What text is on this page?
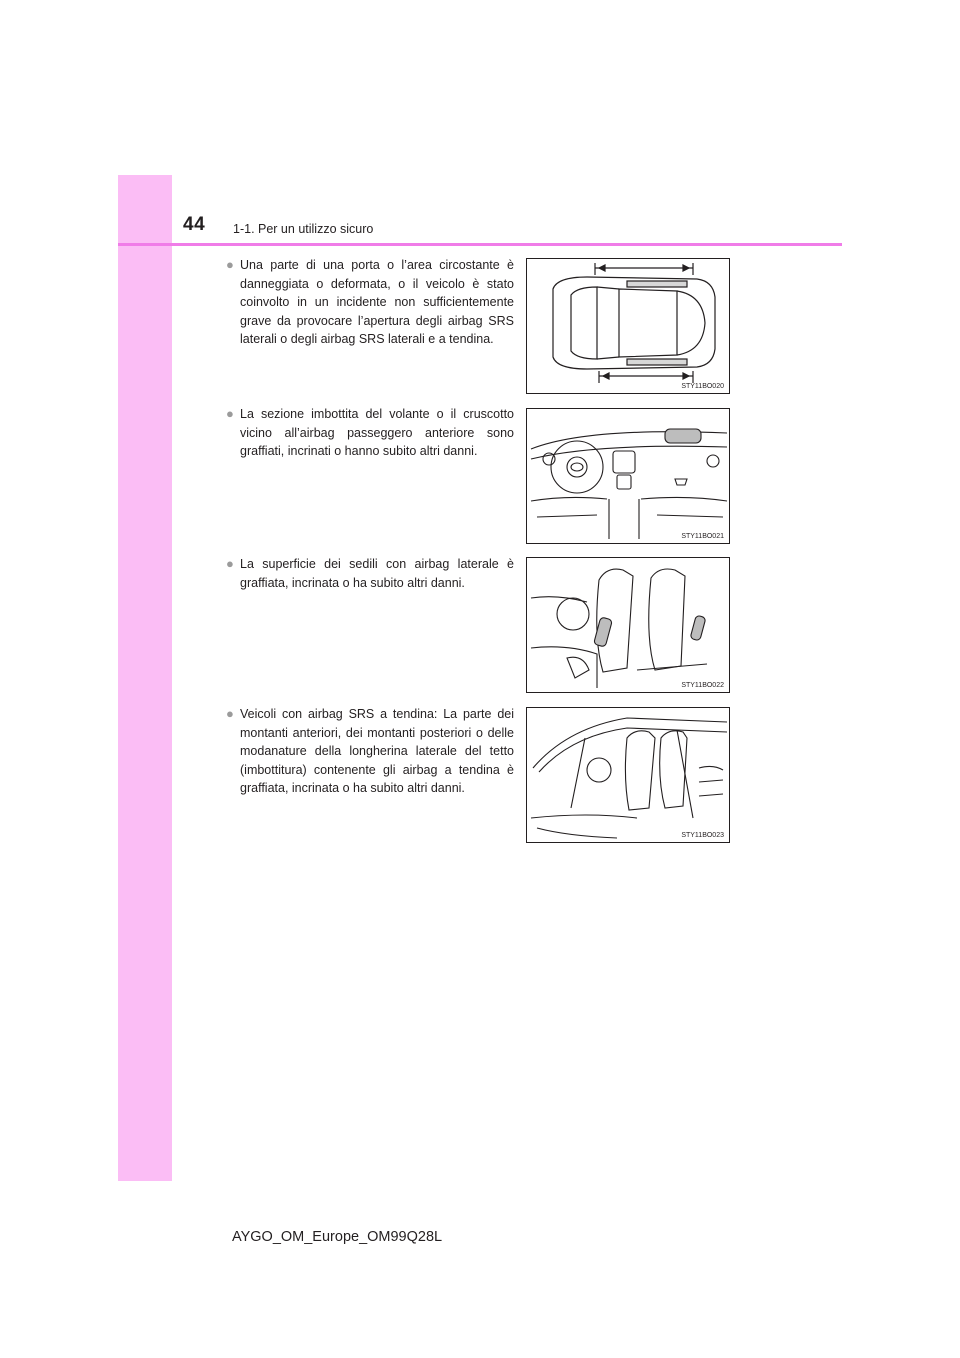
44 1-1. Per un utilizzo sicuro
● Una parte di una porta o l’area circostante è danneggiata o deformata, o il veicolo è stato coinvolto in un incidente non sufficientemente grave da provocare l’apertura degli airbag SRS laterali o degli airbag SRS laterali e a tendina.
STY11BO020
● La sezione imbottita del volante o il cruscotto vicino all’airbag passeggero anteriore sono graffiati, incrinati o hanno subito altri danni.
STY11BO021
● La superficie dei sedili con airbag laterale è graffiata, incrinata o ha subito altri danni.
STY11BO022
● Veicoli con airbag SRS a tendina: La parte dei montanti anteriori, dei montanti posteriori o delle modanature della longherina laterale del tetto (imbottitura) contenente gli airbag a tendina è graffiata, incrinata o ha subito altri danni.
STY11BO023
AYGO_OM_Europe_OM99Q28L
